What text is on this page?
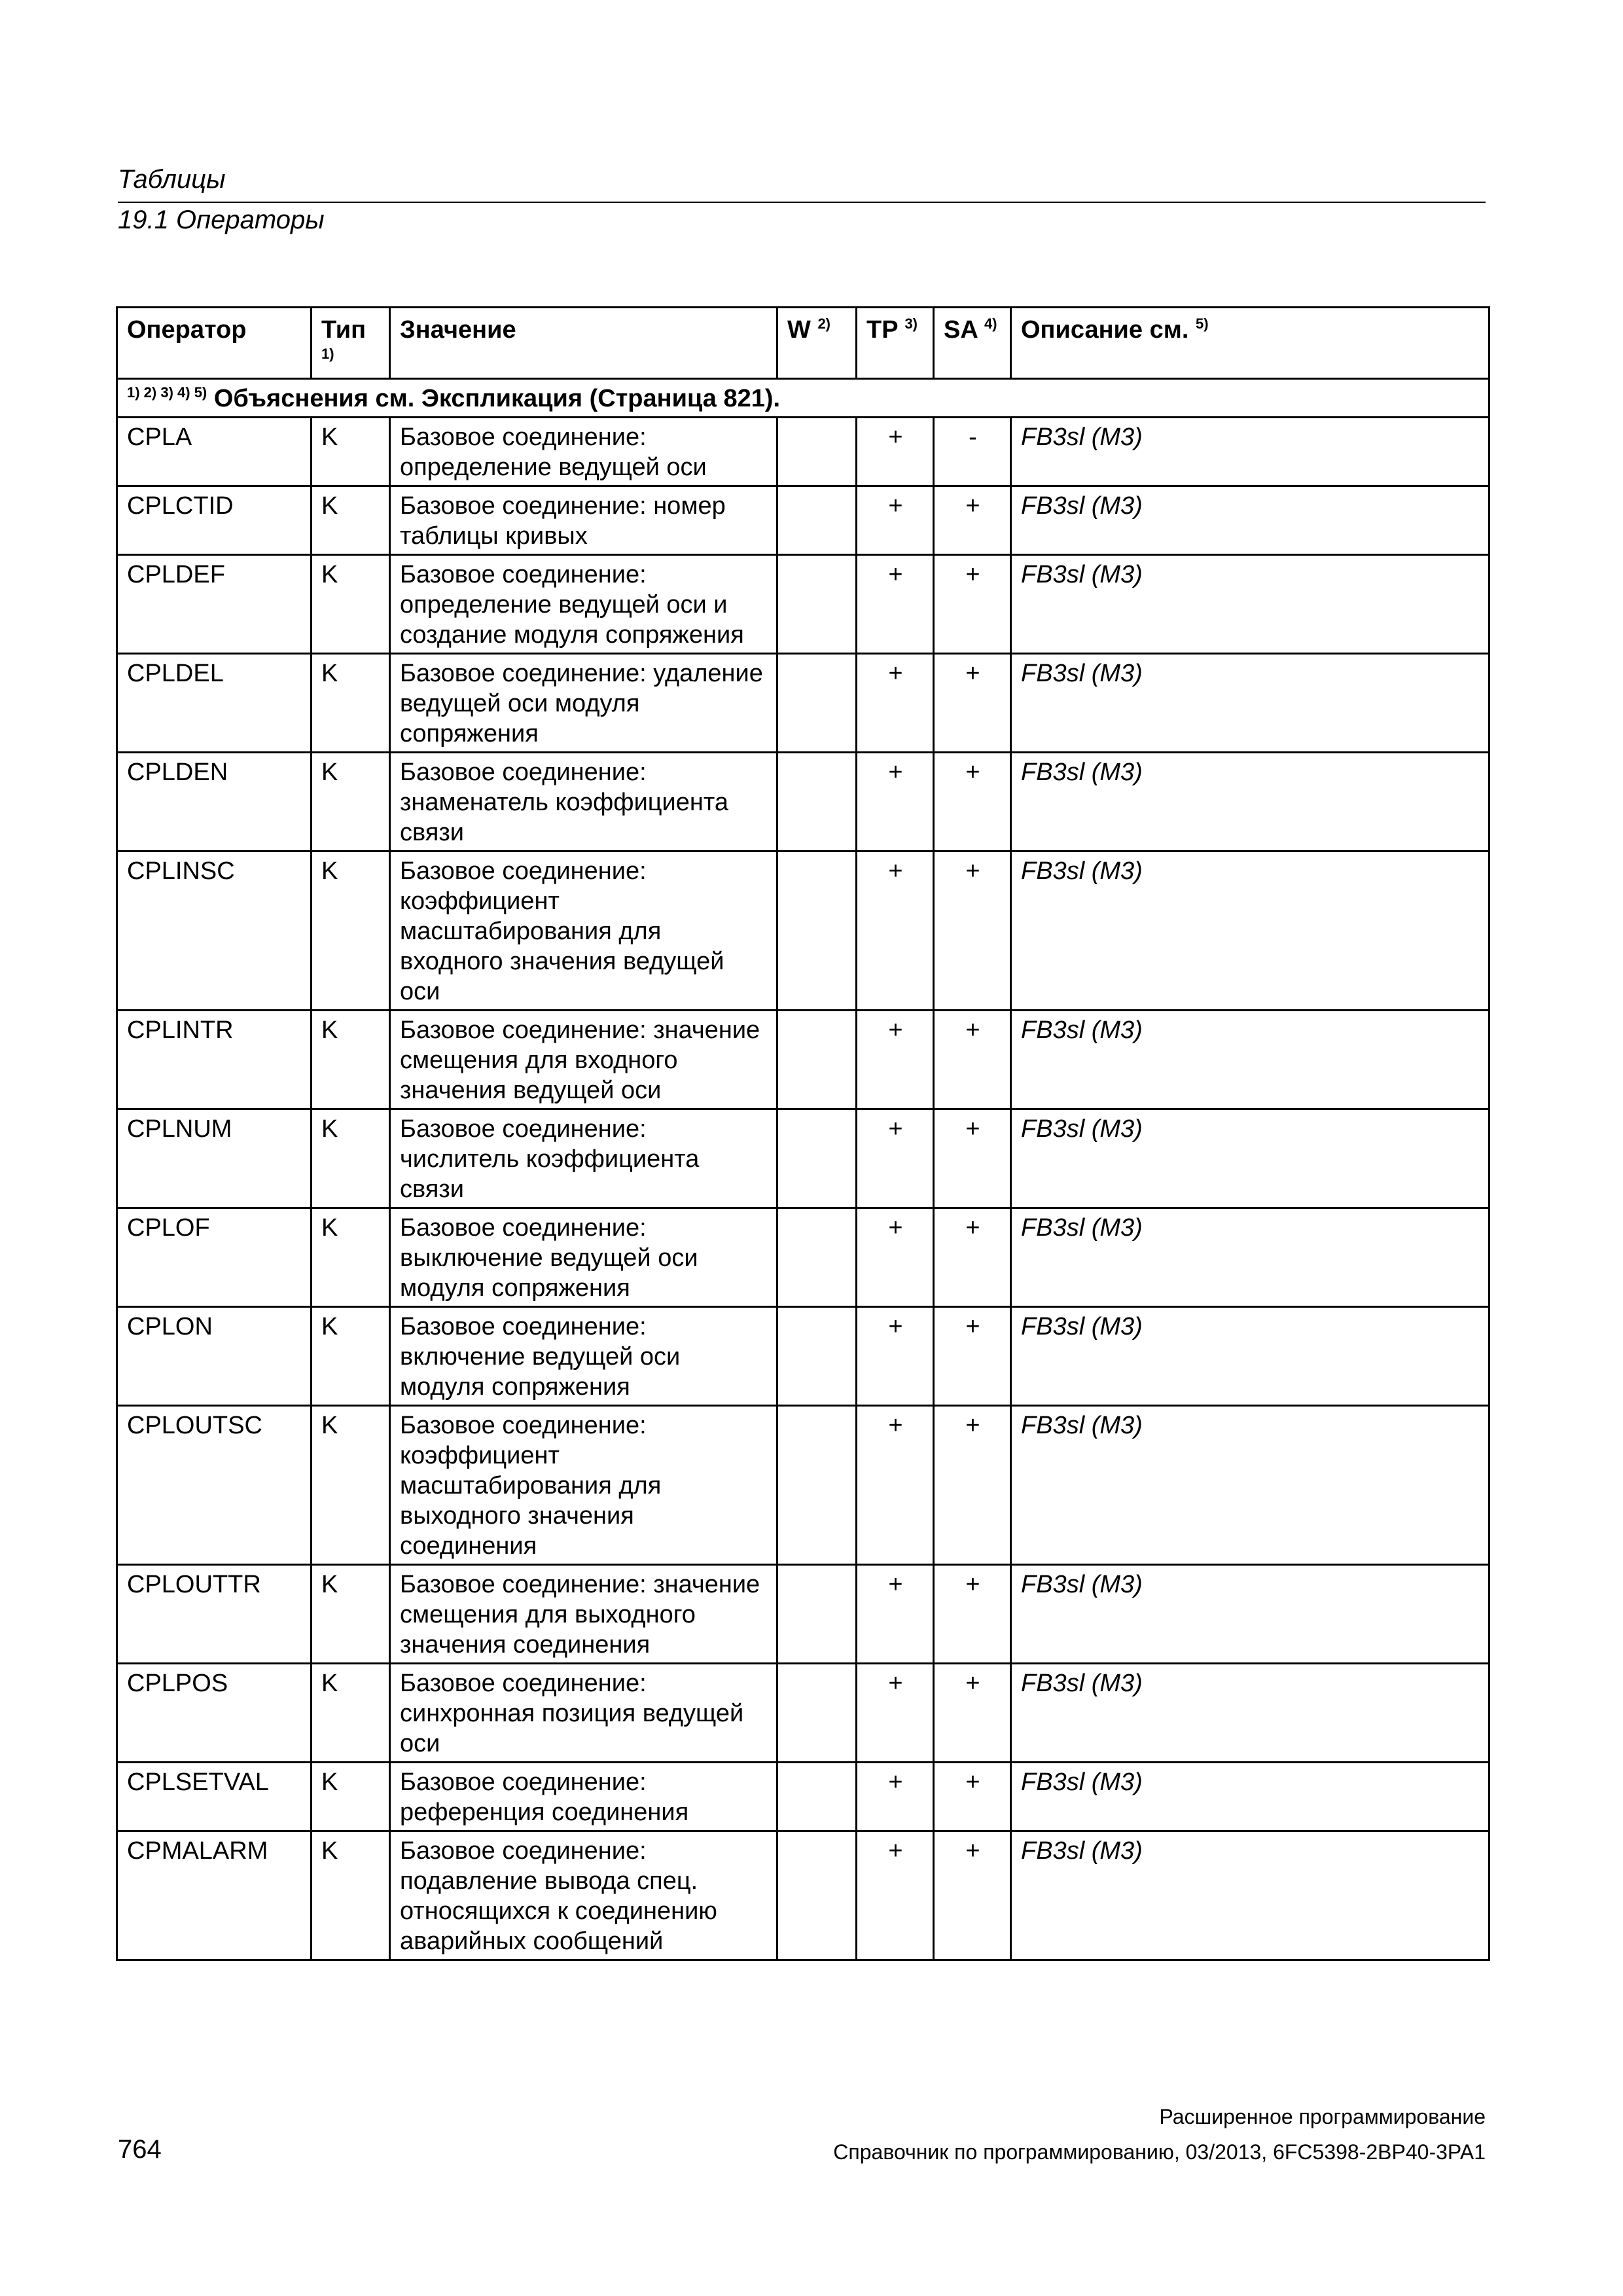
Таблицы
19.1 Операторы
Оператор	Тип $^{1)}$	Значение	W $^{2)}$	TP $^{3)}$	SA $^{4)}$	Описание см. $^{5)}$
$^{1) 2) 3) 4) 5)}$ Объяснения см. Экспликация (Страница 821).						
CPLA	K	Базовое соединение: определение ведущей оси		+	-	FB3sl (M3)
CPLCTID	K	Базовое соединение: номер таблицы кривых		+	+	FB3sl (M3)
CPLDEF	K	Базовое соединение: определение ведущей оси и создание модуля сопряжения		+	+	FB3sl (M3)
CPLDEL	K	Базовое соединение: удаление ведущей оси модуля сопряжения		+	+	FB3sl (M3)
CPLDEN	K	Базовое соединение: знаменатель коэффициента связи		+	+	FB3sl (M3)
CPLINSC	K	Базовое соединение: коэффициент масштабирования для входного значения ведущей оси		+	+	FB3sl (M3)
CPLINTR	K	Базовое соединение: значение смещения для входного значения ведущей оси		+	+	FB3sl (M3)
CPLNUM	K	Базовое соединение: числитель коэффициента связи		+	+	FB3sl (M3)
CPLOF	K	Базовое соединение: выключение ведущей оси модуля сопряжения		+	+	FB3sl (M3)
CPLON	K	Базовое соединение: включение ведущей оси модуля сопряжения		+	+	FB3sl (M3)
CPLOUTSC	K	Базовое соединение: коэффициент масштабирования для выходного значения соединения		+	+	FB3sl (M3)
CPLOUTTR	K	Базовое соединение: значение смещения для выходного значения соединения		+	+	FB3sl (M3)
CPLPOS	K	Базовое соединение: синхронная позиция ведущей оси		+	+	FB3sl (M3)
CPLSETVAL	K	Базовое соединение: референция соединения		+	+	FB3sl (M3)
CPMALARM	K	Базовое соединение: подавление вывода спец. относящихся к соединению аварийных сообщений		+	+	FB3sl (M3)
Расширенное программирование
764	Справочник по программированию, 03/2013, 6FC5398-2BP40-3PA1
